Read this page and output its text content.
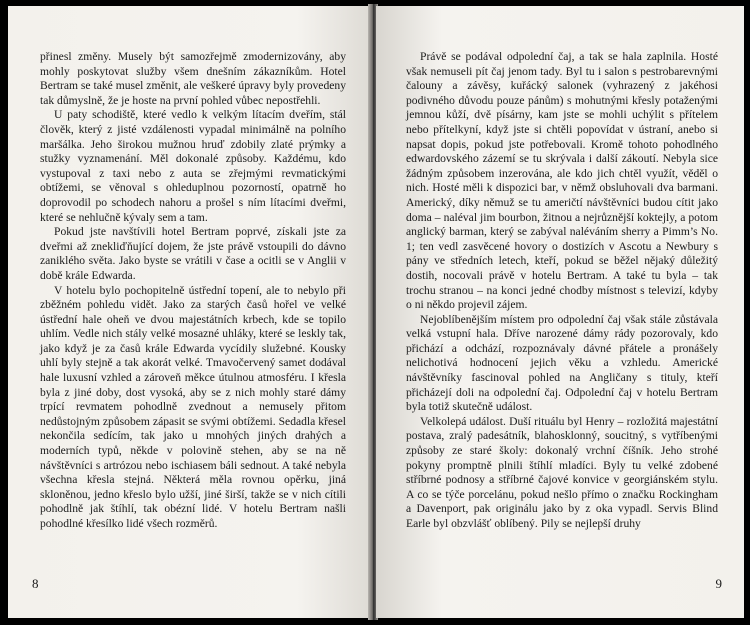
přinesl změny. Musely být samozřejmě zmodernizovány, aby mohly poskytovat služby všem dnešním zákazníkům. Hotel Bertram se také musel změnit, ale veškeré úpravy byly provedeny tak důmyslně, že je hoste na první pohled vůbec nepostřehli.

U paty schodiště, které vedlo k velkým lítacím dveřím, stál člověk, který z jisté vzdálenosti vypadal minimálně na polního maršálka. Jeho širokou mužnou hruď zdobily zlaté prýmky a stužky vyznamenání. Měl dokonalé způsoby. Každému, kdo vystupoval z taxi nebo z auta se zřejmými revmatickými obtížemi, se věnoval s ohleduplnou pozorností, opatrně ho doprovodil po schodech nahoru a prošel s ním lítacími dveřmi, které se nehlučně kývaly sem a tam.

Pokud jste navštívili hotel Bertram poprvé, získali jste za dveřmi až znekliďňující dojem, že jste právě vstoupili do dávno zaniklého světa. Jako byste se vrátili v čase a ocitli se v Anglii v době krále Edwarda.

V hotelu bylo pochopitelně ústřední topení, ale to nebylo při zběžném pohledu vidět. Jako za starých časů hořel ve velké ústřední hale oheň ve dvou majestátních krbech, kde se topilo uhlím. Vedle nich stály velké mosazné uhláky, které se leskly tak, jako když je za časů krále Edwarda vycídily služebné. Kousky uhlí byly stejně a tak akorát velké. Tmavočervený samet dodával hale luxusní vzhled a zároveň měkce útulnou atmosféru. I křesla byla z jiné doby, dost vysoká, aby se z nich mohly staré dámy trpící revmatem pohodlně zvednout a nemusely přitom nedůstojným způsobem zápasit se svými obtížemi. Sedadla křesel nekončila sedícím, tak jako u mnohých jiných drahých a moderních typů, někde v polovině stehen, aby se na ně návštěvníci s artrózou nebo ischiasem báli sednout. A také nebyla všechna křesla stejná. Některá měla rovnou opěrku, jiná skloněnou, jedno křeslo bylo užší, jiné širší, takže se v nich cítili pohodlně jak štíhlí, tak obézní lidé. V hotelu Bertram našli pohodlné křesílko lidé všech rozměrů.

8

Právě se podával odpolední čaj, a tak se hala zaplnila. Hosté však nemuseli pít čaj jenom tady. Byl tu i salon s pestrobarevnými čalouny a závěsy, kuřácký salonek (vyhrazený z jakéhosi podivného důvodu pouze pánům) s mohutnými křesly potaženými jemnou kůží, dvě písárny, kam jste se mohli uchýlit s přítelem nebo přítelkyní, když jste si chtěli popovídat v ústraní, anebo si napsat dopis, pokud jste potřebovali. Kromě tohoto pohodlného edwardovského zázemí se tu skrývala i další zákoutí. Nebyla sice žádným způsobem inzerována, ale kdo jich chtěl využít, věděl o nich. Hosté měli k dispozici bar, v němž obsluhovali dva barmani. Americký, díky němuž se tu američtí návštěvníci budou cítit jako doma – naléval jim bourbon, žitnou a nejrůznější koktejly, a potom anglický barman, který se zabýval naléváním sherry a Pimm’s No. 1; ten vedl zasvěcené hovory o dostizích v Ascotu a Newbury s pány ve středních letech, kteří, pokud se běžel nějaký důležitý dostih, nocovali právě v hotelu Bertram. A také tu byla – tak trochu stranou – na konci jedné chodby místnost s televizí, kdyby o ni někdo projevil zájem.

Nejoblíbenějším místem pro odpolední čaj však stále zůstávala velká vstupní hala. Dříve narozené dámy rády pozorovaly, kdo přichází a odchází, rozpoznávaly dávné přátele a pronášely nelichotivá hodnocení jejich věku a vzhledu. Americké návštěvníky fascinoval pohled na Angličany s tituly, kteří přicházejí doli na odpolední čaj. Odpolední čaj v hotelu Bertram byla totiž skutečně událost.

Velkolepá událost. Duší rituálu byl Henry – rozložitá majestátní postava, zralý padesátník, blahosklonný, soucitný, s vytříbenými způsoby ze staré školy: dokonalý vrchní číšník. Jeho strohé pokyny promptně plnili štíhlí mladíci. Byly tu velké zdobené stříbrné podnosy a stříbrné čajové konvice v georgiánském stylu. A co se týče porcelánu, pokud nešlo přímo o značku Rockingham a Davenport, pak originálu jako by z oka vypadl. Servis Blind Earle byl obzvlášť oblíbený. Pily se nejlepší druhy

9
